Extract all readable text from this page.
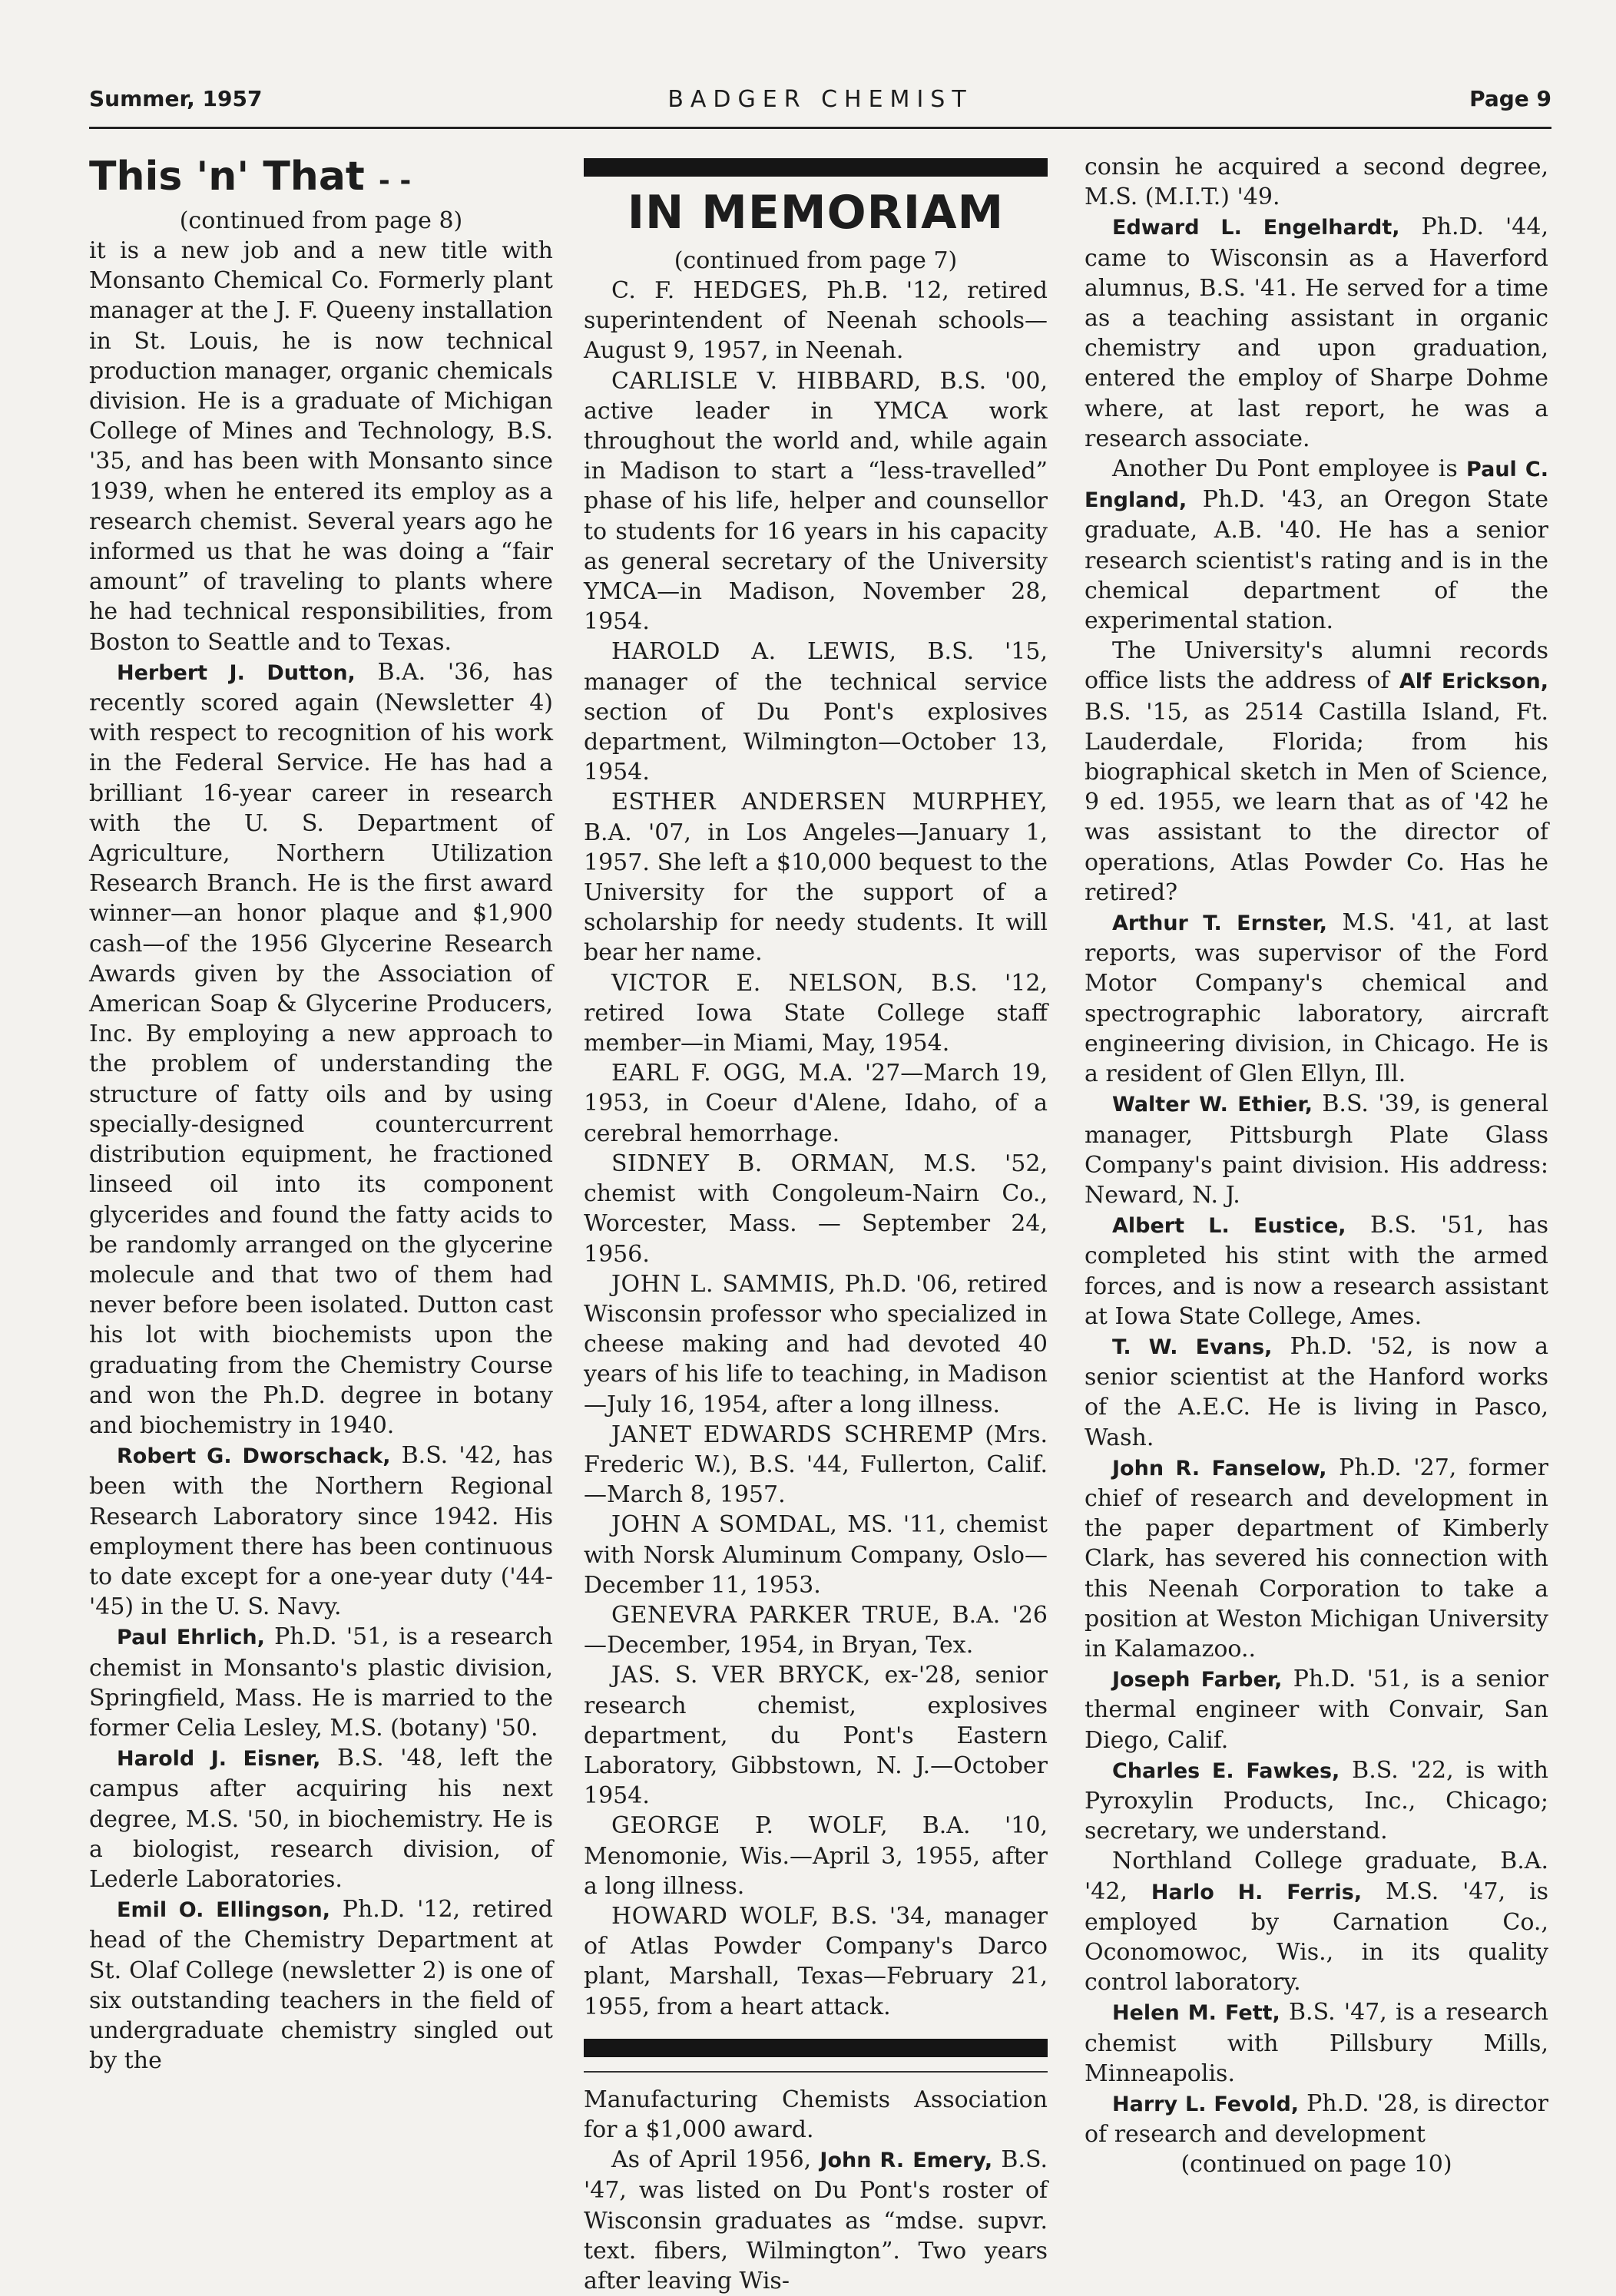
Summer, 1957	BADGER CHEMIST	Page 9
This 'n' That - -
(continued from page 8)

it is a new job and a new title with Monsanto Chemical Co. Formerly plant manager at the J. F. Queeny installation in St. Louis, he is now technical production manager, organic chemicals division. He is a graduate of Michigan College of Mines and Technology, B.S. '35, and has been with Monsanto since 1939, when he entered its employ as a research chemist. Several years ago he informed us that he was doing a “fair amount” of traveling to plants where he had technical responsibilities, from Boston to Seattle and to Texas.

Herbert J. Dutton, B.A. '36, has recently scored again (Newsletter 4) with respect to recognition of his work in the Federal Service. He has had a brilliant 16-year career in research with the U. S. Department of Agriculture, Northern Utilization Research Branch. He is the first award winner—an honor plaque and $1,900 cash—of the 1956 Glycerine Research Awards given by the Association of American Soap & Glycerine Producers, Inc. By employing a new approach to the problem of understanding the structure of fatty oils and by using specially-designed countercurrent distribution equipment, he fractioned linseed oil into its component glycerides and found the fatty acids to be randomly arranged on the glycerine molecule and that two of them had never before been isolated. Dutton cast his lot with biochemists upon the graduating from the Chemistry Course and won the Ph.D. degree in botany and biochemistry in 1940.

Robert G. Dworschack, B.S. '42, has been with the Northern Regional Research Laboratory since 1942. His employment there has been continuous to date except for a one-year duty ('44-'45) in the U. S. Navy.

Paul Ehrlich, Ph.D. '51, is a research chemist in Monsanto's plastic division, Springfield, Mass. He is married to the former Celia Lesley, M.S. (botany) '50.

Harold J. Eisner, B.S. '48, left the campus after acquiring his next degree, M.S. '50, in biochemistry. He is a biologist, research division, of Lederle Laboratories.

Emil O. Ellingson, Ph.D. '12, retired head of the Chemistry Department at St. Olaf College (newsletter 2) is one of six outstanding teachers in the field of undergraduate chemistry singled out by the

IN MEMORIAM
(continued from page 7)

C. F. HEDGES, Ph.B. '12, retired superintendent of Neenah schools—August 9, 1957, in Neenah.

CARLISLE V. HIBBARD, B.S. '00, active leader in YMCA work throughout the world and, while again in Madison to start a “less-travelled” phase of his life, helper and counsellor to students for 16 years in his capacity as general secretary of the University YMCA—in Madison, November 28, 1954.

HAROLD A. LEWIS, B.S. '15, manager of the technical service section of Du Pont's explosives department, Wilmington—October 13, 1954.

ESTHER ANDERSEN MURPHEY, B.A. '07, in Los Angeles—January 1, 1957. She left a $10,000 bequest to the University for the support of a scholarship for needy students. It will bear her name.

VICTOR E. NELSON, B.S. '12, retired Iowa State College staff member—in Miami, May, 1954.

EARL F. OGG, M.A. '27—March 19, 1953, in Coeur d'Alene, Idaho, of a cerebral hemorrhage.

SIDNEY B. ORMAN, M.S. '52, chemist with Congoleum-Nairn Co., Worcester, Mass. — September 24, 1956.

JOHN L. SAMMIS, Ph.D. '06, retired Wisconsin professor who specialized in cheese making and had devoted 40 years of his life to teaching, in Madison—July 16, 1954, after a long illness.

JANET EDWARDS SCHREMP (Mrs. Frederic W.), B.S. '44, Fullerton, Calif.—March 8, 1957.

JOHN A SOMDAL, MS. '11, chemist with Norsk Aluminum Company, Oslo—December 11, 1953.

GENEVRA PARKER TRUE, B.A. '26—December, 1954, in Bryan, Tex.

JAS. S. VER BRYCK, ex-'28, senior research chemist, explosives department, du Pont's Eastern Laboratory, Gibbstown, N. J.—October 1954.

GEORGE P. WOLF, B.A. '10, Menomonie, Wis.—April 3, 1955, after a long illness.

HOWARD WOLF, B.S. '34, manager of Atlas Powder Company's Darco plant, Marshall, Texas—February 21, 1955, from a heart attack.

Manufacturing Chemists Association for a $1,000 award.

As of April 1956, John R. Emery, B.S. '47, was listed on Du Pont's roster of Wisconsin graduates as “mdse. supvr. text. fibers, Wilmington”. Two years after leaving Wis-

consin he acquired a second degree, M.S. (M.I.T.) '49.

Edward L. Engelhardt, Ph.D. '44, came to Wisconsin as a Haverford alumnus, B.S. '41. He served for a time as a teaching assistant in organic chemistry and upon graduation, entered the employ of Sharpe Dohme where, at last report, he was a research associate.

Another Du Pont employee is Paul C. England, Ph.D. '43, an Oregon State graduate, A.B. '40. He has a senior research scientist's rating and is in the chemical department of the experimental station.

The University's alumni records office lists the address of Alf Erickson, B.S. '15, as 2514 Castilla Island, Ft. Lauderdale, Florida; from his biographical sketch in Men of Science, 9 ed. 1955, we learn that as of '42 he was assistant to the director of operations, Atlas Powder Co. Has he retired?

Arthur T. Ernster, M.S. '41, at last reports, was supervisor of the Ford Motor Company's chemical and spectrographic laboratory, aircraft engineering division, in Chicago. He is a resident of Glen Ellyn, Ill.

Walter W. Ethier, B.S. '39, is general manager, Pittsburgh Plate Glass Company's paint division. His address: Neward, N. J.

Albert L. Eustice, B.S. '51, has completed his stint with the armed forces, and is now a research assistant at Iowa State College, Ames.

T. W. Evans, Ph.D. '52, is now a senior scientist at the Hanford works of the A.E.C. He is living in Pasco, Wash.

John R. Fanselow, Ph.D. '27, former chief of research and development in the paper department of Kimberly Clark, has severed his connection with this Neenah Corporation to take a position at Weston Michigan University in Kalamazoo..

Joseph Farber, Ph.D. '51, is a senior thermal engineer with Convair, San Diego, Calif.

Charles E. Fawkes, B.S. '22, is with Pyroxylin Products, Inc., Chicago; secretary, we understand.

Northland College graduate, B.A. '42, Harlo H. Ferris, M.S. '47, is employed by Carnation Co., Oconomowoc, Wis., in its quality control laboratory.

Helen M. Fett, B.S. '47, is a research chemist with Pillsbury Mills, Minneapolis.

Harry L. Fevold, Ph.D. '28, is director of research and development

(continued on page 10)
